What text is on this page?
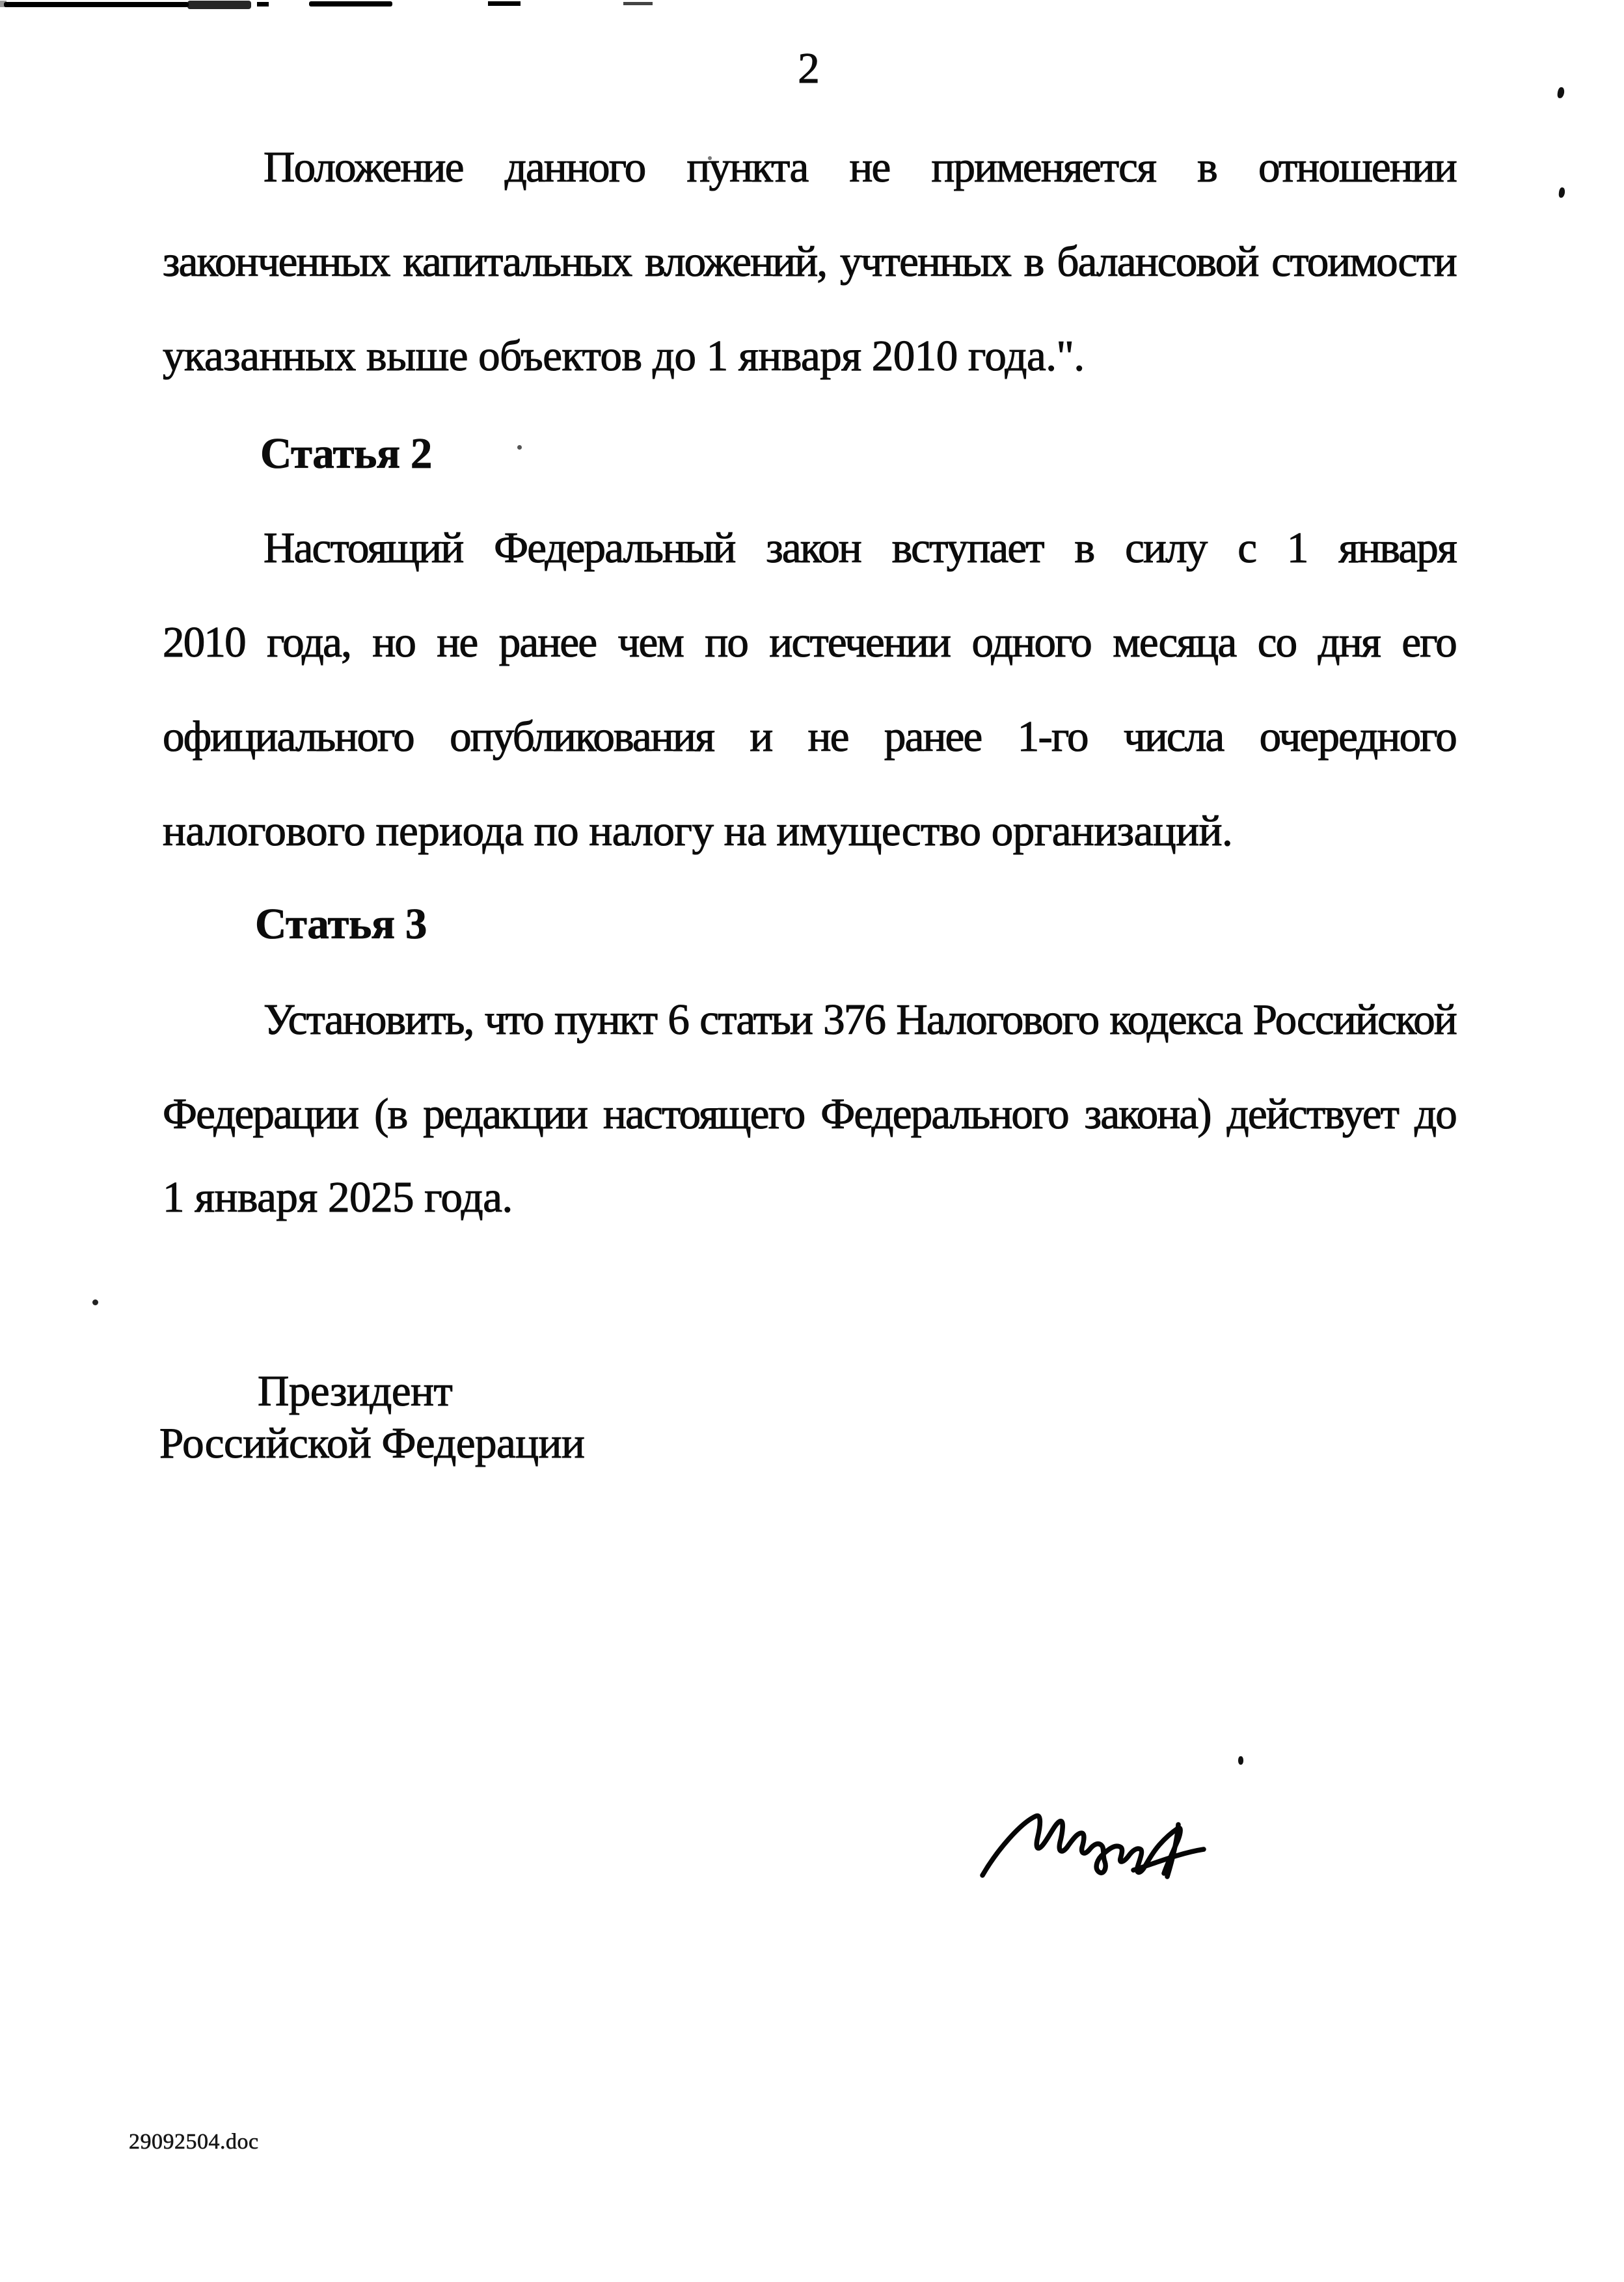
2
Положение данного пункта не применяется в отношении
законченных капитальных вложений, учтенных в балансовой стоимости
указанных выше объектов до 1 января 2010 года.".
Статья 2
Настоящий Федеральный закон вступает в силу с 1 января
2010 года, но не ранее чем по истечении одного месяца со дня его
официального опубликования и не ранее 1-го числа очередного
налогового периода по налогу на имущество организаций.
Статья 3
Установить, что пункт 6 статьи 376 Налогового кодекса Российской
Федерации (в редакции настоящего Федерального закона) действует до
1 января 2025 года.
Президент
Российской Федерации
29092504.doc
